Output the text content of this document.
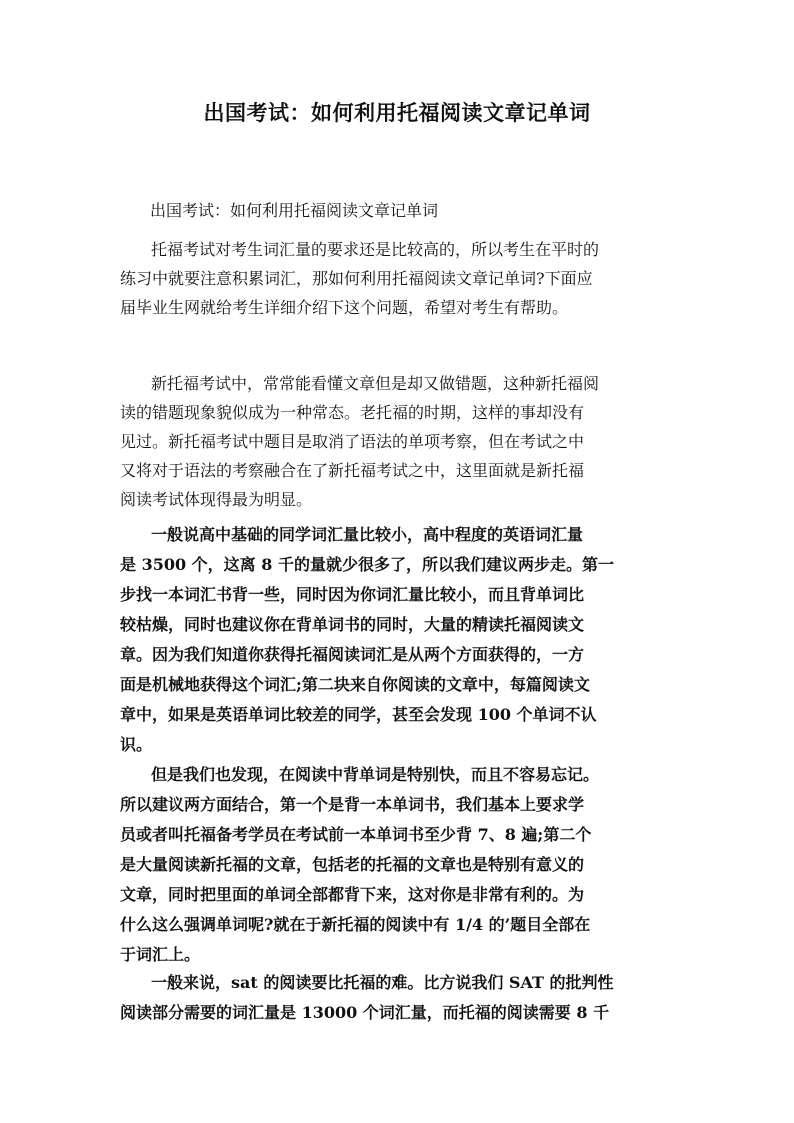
出国考试：如何利用托福阅读文章记单词
出国考试：如何利用托福阅读文章记单词
托福考试对考生词汇量的要求还是比较高的，所以考生在平时的
练习中就要注意积累词汇，那如何利用托福阅读文章记单词?下面应
届毕业生网就给考生详细介绍下这个问题，希望对考生有帮助。
新托福考试中，常常能看懂文章但是却又做错题，这种新托福阅
读的错题现象貌似成为一种常态。老托福的时期，这样的事却没有
见过。新托福考试中题目是取消了语法的单项考察，但在考试之中
又将对于语法的考察融合在了新托福考试之中，这里面就是新托福
阅读考试体现得最为明显。
一般说高中基础的同学词汇量比较小，高中程度的英语词汇量
是 3500 个，这离 8 千的量就少很多了，所以我们建议两步走。第一
步找一本词汇书背一些，同时因为你词汇量比较小，而且背单词比
较枯燥，同时也建议你在背单词书的同时，大量的精读托福阅读文
章。因为我们知道你获得托福阅读词汇是从两个方面获得的，一方
面是机械地获得这个词汇;第二块来自你阅读的文章中，每篇阅读文
章中，如果是英语单词比较差的同学，甚至会发现 100 个单词不认
识。
但是我们也发现，在阅读中背单词是特别快，而且不容易忘记。
所以建议两方面结合，第一个是背一本单词书，我们基本上要求学
员或者叫托福备考学员在考试前一本单词书至少背 7、8 遍;第二个
是大量阅读新托福的文章，包括老的托福的文章也是特别有意义的
文章，同时把里面的单词全部都背下来，这对你是非常有利的。为
什么这么强调单词呢?就在于新托福的阅读中有 1/4 的’题目全部在
于词汇上。
一般来说，sat 的阅读要比托福的难。比方说我们 SAT 的批判性
阅读部分需要的词汇量是 13000 个词汇量，而托福的阅读需要 8 千
